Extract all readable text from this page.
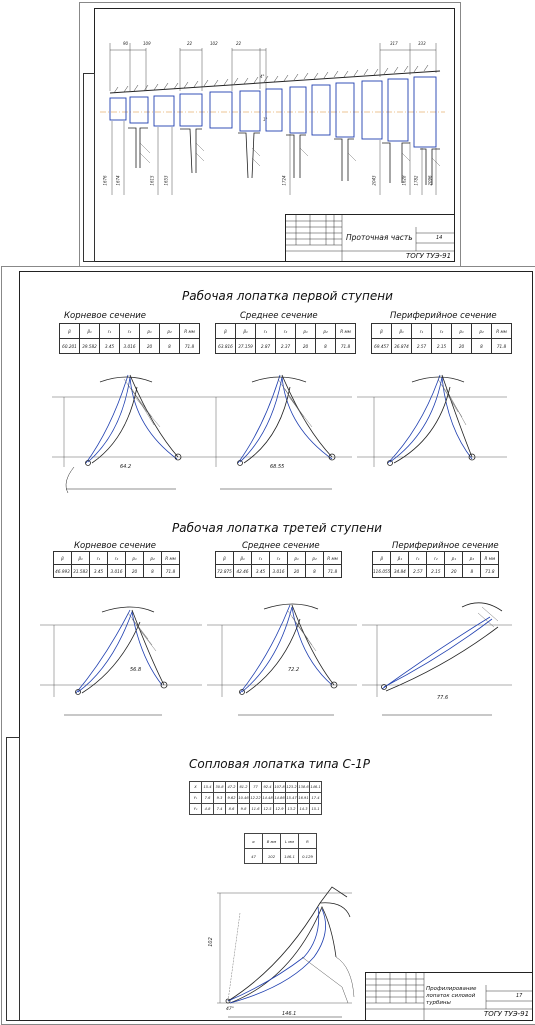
4°
1°
90	109	22	102	22	317	333
1676 1674	1615 1653	1724	2043	1628 1782 2096
Проточная часть	14
ТОГУ ТУЭ-91
Рабочая лопатка первой ступени
Рабочая лопатка третей ступени
Сопловая лопатка типа С-1Р
Корневое сечение	Среднее сечение	Периферийное сечение
β	β₁	r₁	r₂	p₁	p₂	R мм
60.201	39.582	3.45	3.016	20	8	71.8
β	β₁	r₁	r₂	p₁	p₂	R мм
63.816	37.159	2.87	2.37	20	8	71.8
β	β₁	r₁	r₂	p₁	p₂	R мм
69.457	36.874	2.57	2.15	20	8	71.8
64.2	68.55
Корневое сечение	Среднее сечение	Периферийное сечение
β	β₁	r₁	r₂	p₁	p₂	R мм
46.993	31.583	3.45	3.016	20	8	71.8
β	β₁	r₁	r₂	p₁	p₂	R мм
72.875	42.46	3.45	3.016	20	8	71.8
β	β₁	r₁	r₂	p₁	p₂	R мм
116.055	34.84	2.57	2.15	20	8	71.8
56.8	72.2
77.6
X	15.4	30.8	47.2	61.2	77	92.4	107.8	123.2	138.6	146.1
Y₁	7.6	9.3	9.62	10.46	12.22	14.48	14.86	15.47	16.91	17.4
Y₂	4.8	7.4	8.6	9.8	11.6	12.5	12.9	13.2	14.3	15.1
α	B мм	L мм	R
47	102	146.1	0.129
146.1
102
47°
Профилирование лопаток силовой турбины
17
ТОГУ ТУЭ-91
